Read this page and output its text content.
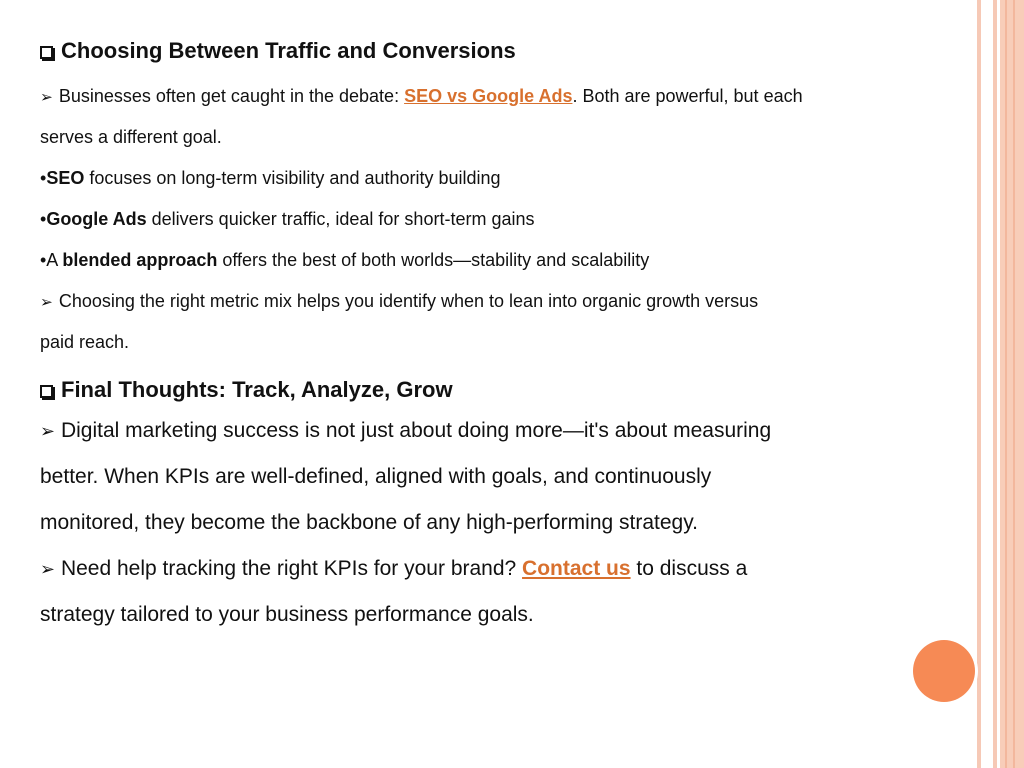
Choosing Between Traffic and Conversions
➢ Businesses often get caught in the debate: SEO vs Google Ads. Both are powerful, but each
serves a different goal.
•SEO focuses on long-term visibility and authority building
•Google Ads delivers quicker traffic, ideal for short-term gains
•A blended approach offers the best of both worlds—stability and scalability
➢ Choosing the right metric mix helps you identify when to lean into organic growth versus
paid reach.
Final Thoughts: Track, Analyze, Grow
➢ Digital marketing success is not just about doing more—it's about measuring
better. When KPIs are well-defined, aligned with goals, and continuously
monitored, they become the backbone of any high-performing strategy.
➢ Need help tracking the right KPIs for your brand? Contact us to discuss a
strategy tailored to your business performance goals.
